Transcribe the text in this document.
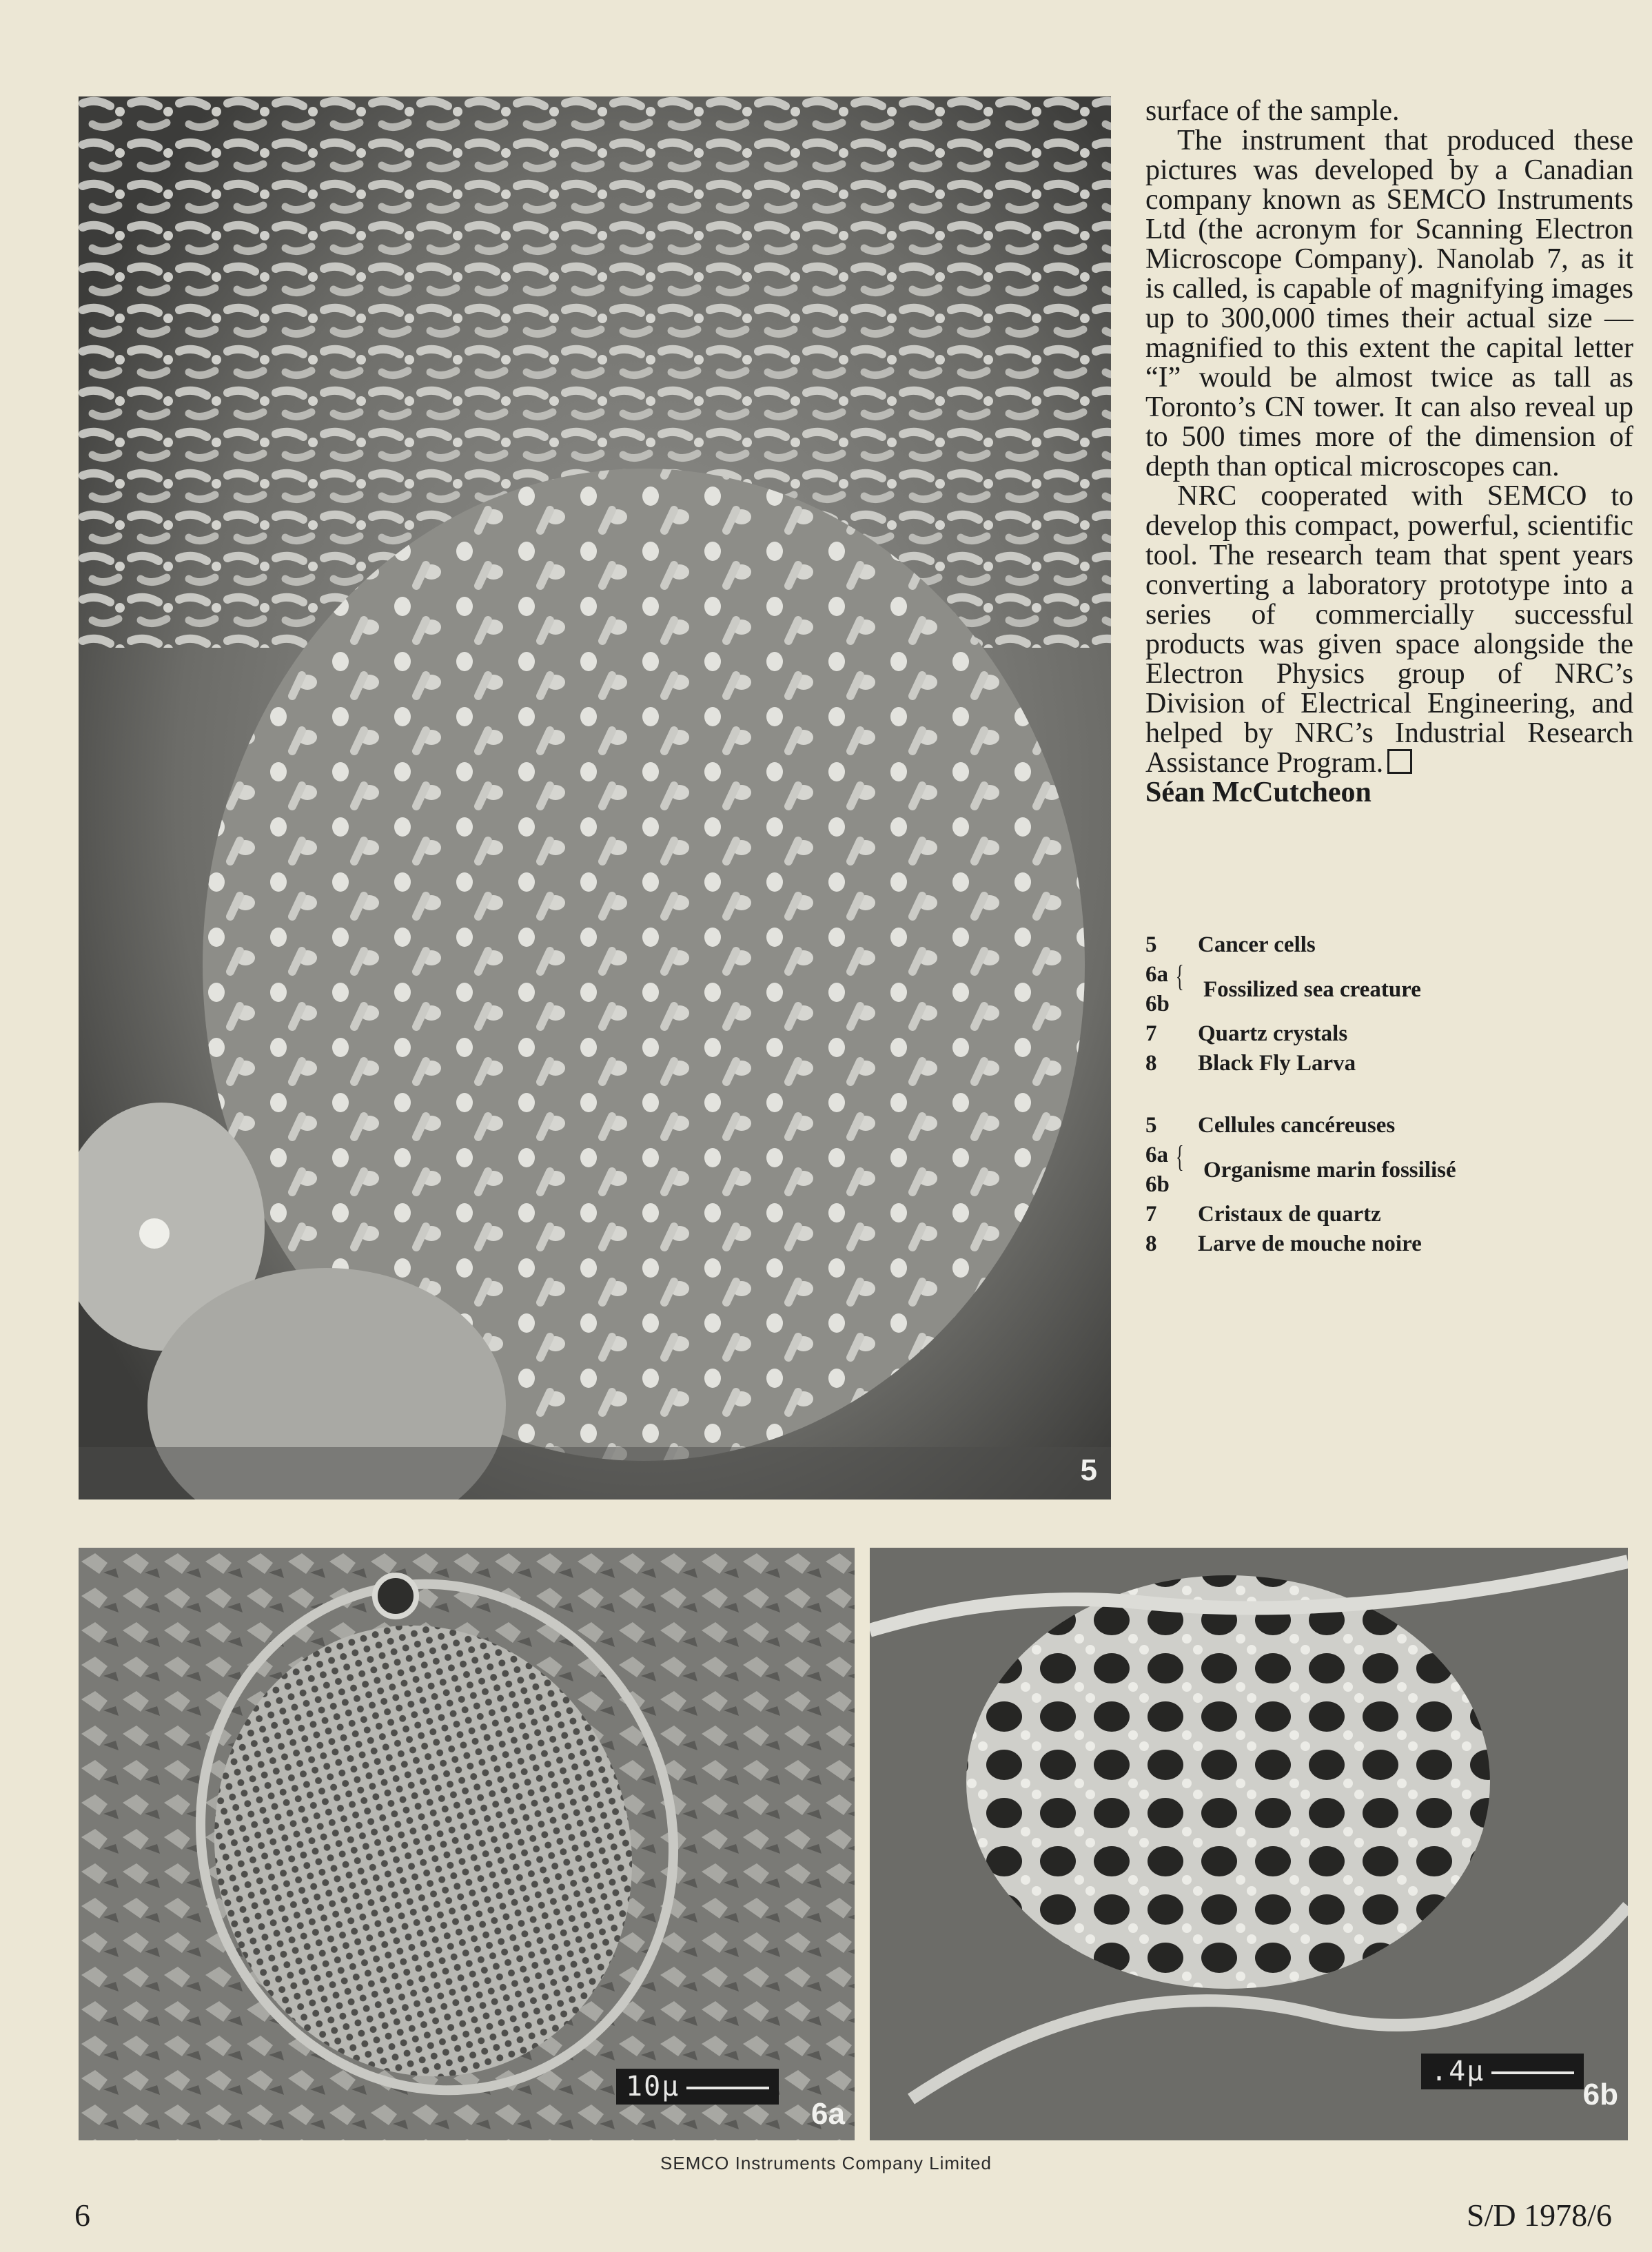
5

surface of the sample.

The instrument that produced these pictures was developed by a Canadian company known as SEMCO Instruments Ltd (the acronym for Scanning Electron Microscope Company). Nanolab 7, as it is called, is capable of magnifying images up to 300,000 times their actual size — magnified to this extent the capital letter “I” would be almost twice as tall as Toronto’s CN tower. It can also reveal up to 500 times more of the dimension of depth than optical microscopes can.

NRC cooperated with SEMCO to develop this compact, powerful, scientific tool. The research team that spent years converting a laboratory prototype into a series of commercially successful products was given space alongside the Electron Physics group of NRC’s Division of Electrical Engineering, and helped by NRC’s Industrial Research Assistance Program.

Séan McCutcheon

5	Cancer cells
6a
6b
{ Fossilized sea creature
7	Quartz crystals
8	Black Fly Larva
5	Cellules cancéreuses
6a
6b
{ Organisme marin fossilisé
7	Cristaux de quartz
8	Larve de mouche noire
10µ
6a
.4µ
6b
SEMCO Instruments Company Limited
6	S/D 1978/6
